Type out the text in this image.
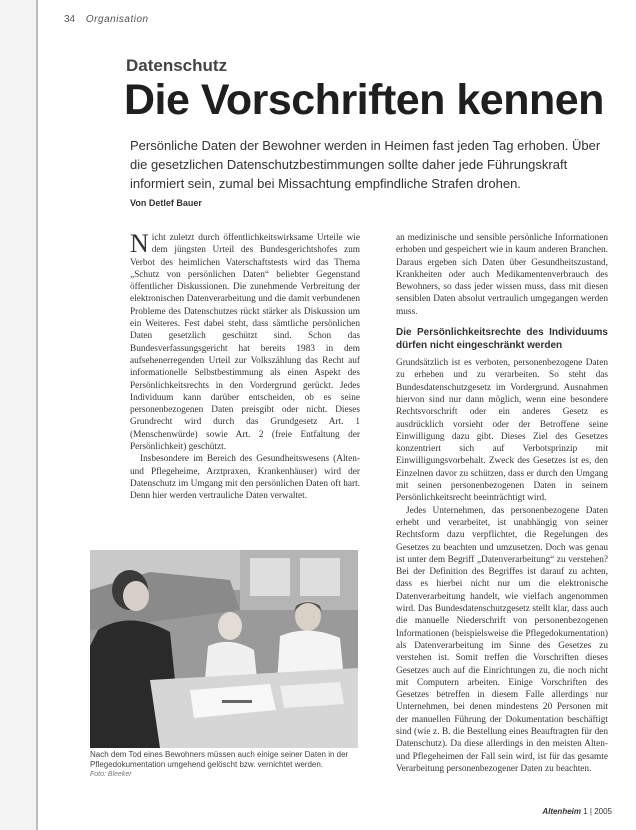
34 Organisation
Datenschutz
Die Vorschriften kennen
Persönliche Daten der Bewohner werden in Heimen fast jeden Tag erhoben. Über die gesetzlichen Datenschutzbestimmungen sollte daher jede Führungskraft informiert sein, zumal bei Missachtung empfindliche Strafen drohen.
Von Detlef Bauer
N icht zuletzt durch öffentlichkeitswirksame Urteile wie dem jüngsten Urteil des Bundesgerichtshofes zum Verbot des heimlichen Vaterschaftstests wird das Thema „Schutz von persönlichen Daten“ beliebter Gegenstand öffentlicher Diskussionen. Die zunehmende Verbreitung der elektronischen Datenverarbeitung und die damit verbundenen Probleme des Datenschutzes rückt stärker als Diskussion um ein Weiteres. Fest dabei steht, dass sämtliche persönlichen Daten gesetzlich geschützt sind. Schon das Bundesverfassungsgericht hat bereits 1983 in dem aufsehenerregenden Urteil zur Volkszählung das Recht auf informationelle Selbstbestimmung als einen Aspekt des Persönlichkeitsrechts in den Vordergrund gerückt. Jedes Individuum kann darüber entscheiden, ob es seine personenbezogenen Daten preisgibt oder nicht. Dieses Grundrecht wird durch das Grundgesetz Art. 1 (Menschenwürde) sowie Art. 2 (freie Entfaltung der Persönlichkeit) geschützt.

Insbesondere im Bereich des Gesundheitswesens (Alten- und Pflegeheime, Arztpraxen, Krankenhäuser) wird der Datenschutz im Umgang mit den persönlichen Daten oft hart. Denn hier werden vertrauliche Daten verwaltet.

an medizinische und sensible persönliche Informationen erhoben und gespeichert wie in kaum anderen Branchen. Daraus ergeben sich Daten über Gesundheitszustand, Krankheiten oder auch Medikamentenverbrauch des Bewohners, so dass jeder wissen muss, dass mit diesen sensiblen Daten absolut vertraulich umgegangen werden muss.

Die Persönlichkeitsrechte des Individuums dürfen nicht eingeschränkt werden

Grundsätzlich ist es verboten, personenbezogene Daten zu erheben und zu verarbeiten. So steht das Bundesdatenschutzgesetz im Vordergrund. Ausnahmen hiervon sind nur dann möglich, wenn eine besondere Rechtsvorschrift oder ein anderes Gesetz es ausdrücklich vorsieht oder der Betroffene seine Einwilligung dazu gibt. Dieses Ziel des Gesetzes konzentriert sich auf Verbotsprinzip mit Einwilligungsvorbehalt. Zweck des Gesetzes ist es, den Einzelnen davor zu schützen, dass er durch den Umgang mit seinen personenbezogenen Daten in seinem Persönlichkeitsrecht beeinträchtigt wird.

Jedes Unternehmen, das personenbezogene Daten erhebt und verarbeitet, ist unabhängig von seiner Rechtsform dazu verpflichtet, die Regelungen des Gesetzes zu beachten und umzusetzen. Doch was genau ist unter dem Begriff „Datenverarbeitung“ zu verstehen? Bei der Definition des Begriffes ist darauf zu achten, dass es hierbei nicht nur um die elektronische Datenverarbeitung handelt, wie vielfach angenommen wird. Das Bundesdatenschutzgesetz stellt klar, dass auch die manuelle Niederschrift von personenbezogenen Informationen (beispielsweise die Pflegedokumentation) als Datenverarbeitung im Sinne des Gesetzes zu verstehen ist. Somit treffen die Vorschriften dieses Gesetzes auch auf die Einrichtungen zu, die noch nicht mit Computern arbeiten. Einige Vorschriften des Gesetzes betreffen in diesem Falle allerdings nur Unternehmen, bei denen mindestens 20 Personen mit der manuellen Führung der Dokumentation beschäftigt sind (wie z. B. die Bestellung eines Beauftragten für den Datenschutz). Da diese allerdings in den meisten Alten- und Pflegeheimen der Fall sein wird, ist für das gesamte Verarbeitung personenbezogener Daten zu beachten.

Nach dem Tod eines Bewohners müssen auch einige seiner Daten in der Pflegedokumentation umgehend gelöscht bzw. vernichtet werden.
Foto: Bleeker
Altenheim 1 | 2005
